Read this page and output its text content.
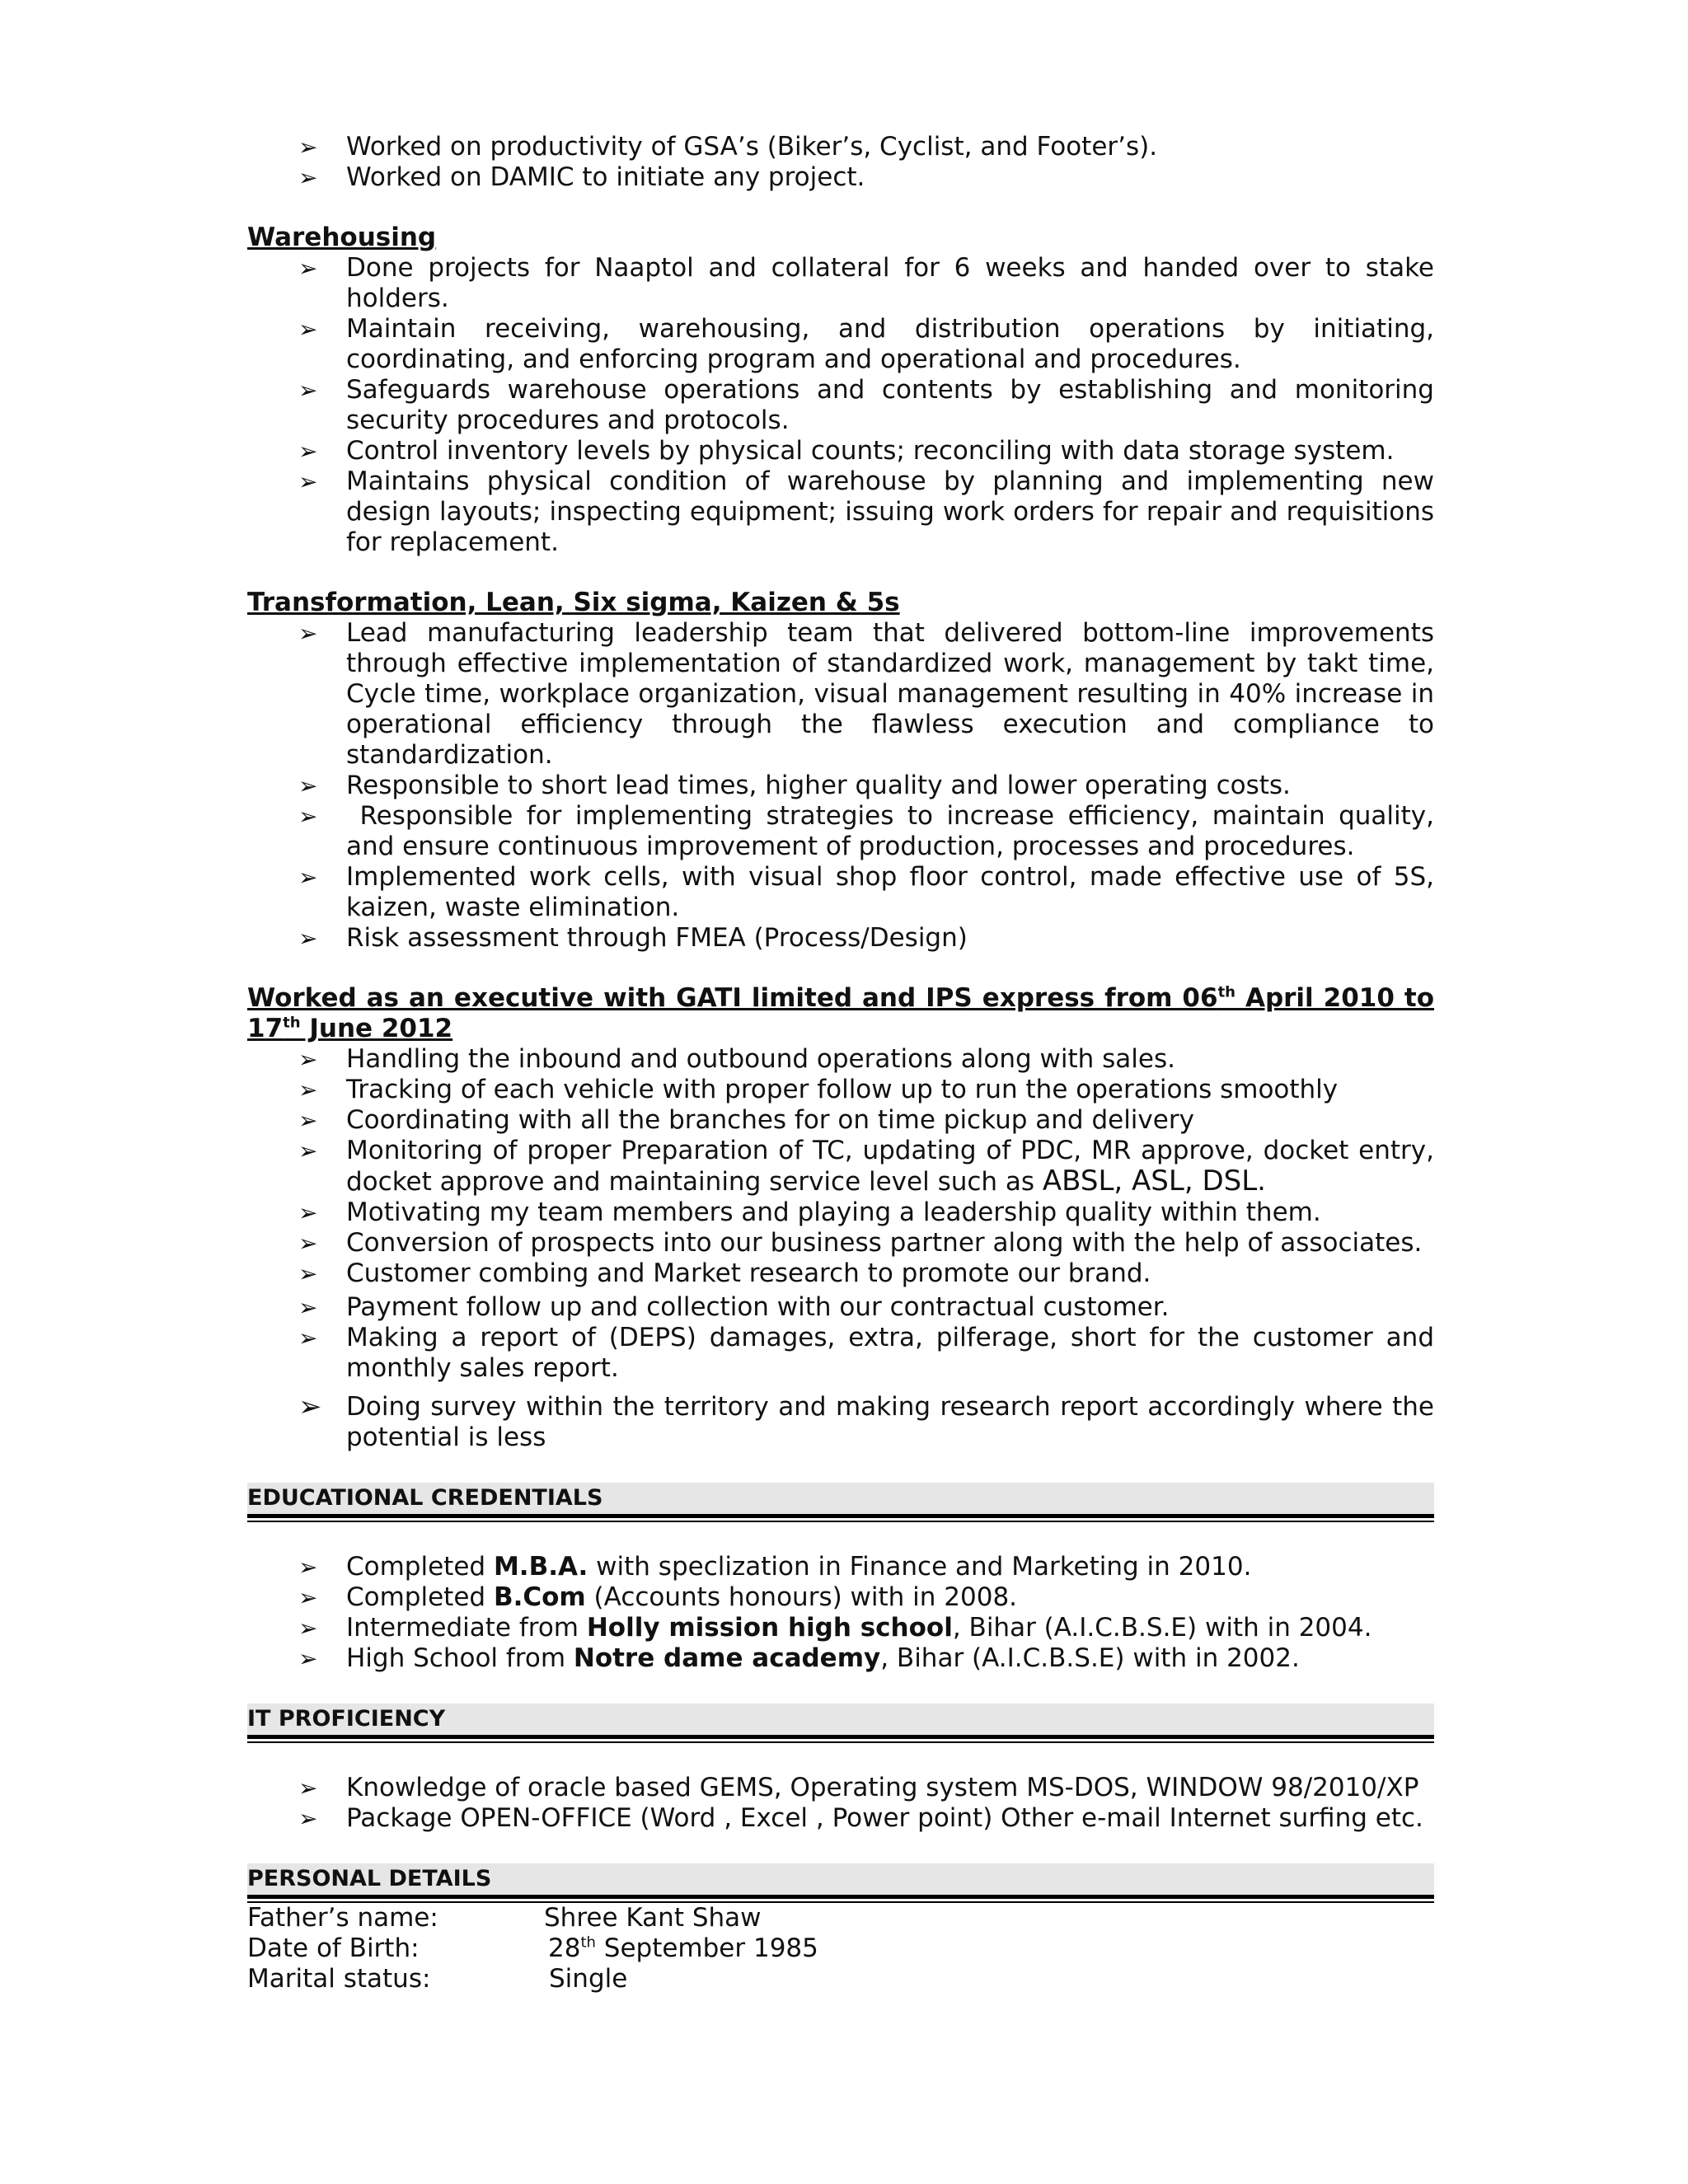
➢ Worked on productivity of GSA’s (Biker’s, Cyclist, and Footer’s).
➢ Worked on DAMIC to initiate any project.
Warehousing
➢ Done projects for Naaptol and collateral for 6 weeks and handed over to stake holders.
➢ Maintain receiving, warehousing, and distribution operations by initiating, coordinating, and enforcing program and operational and procedures.
➢ Safeguards warehouse operations and contents by establishing and monitoring security procedures and protocols.
➢ Control inventory levels by physical counts; reconciling with data storage system.
➢ Maintains physical condition of warehouse by planning and implementing new design layouts; inspecting equipment; issuing work orders for repair and requisitions for replacement.
Transformation, Lean, Six sigma, Kaizen & 5s
➢ Lead manufacturing leadership team that delivered bottom-line improvements through effective implementation of standardized work, management by takt time, Cycle time, workplace organization, visual management resulting in 40% increase in operational efficiency through the flawless execution and compliance to standardization.
➢ Responsible to short lead times, higher quality and lower operating costs.
➢ Responsible for implementing strategies to increase efficiency, maintain quality, and ensure continuous improvement of production, processes and procedures.
➢ Implemented work cells, with visual shop floor control, made effective use of 5S, kaizen, waste elimination.
➢ Risk assessment through FMEA (Process/Design)
Worked as an executive with GATI limited and IPS express from 06th April 2010 to
17th June 2012
➢ Handling the inbound and outbound operations along with sales.
➢ Tracking of each vehicle with proper follow up to run the operations smoothly
➢ Coordinating with all the branches for on time pickup and delivery
➢ Monitoring of proper Preparation of TC, updating of PDC, MR approve, docket entry, docket approve and maintaining service level such as ABSL, ASL, DSL.
➢ Motivating my team members and playing a leadership quality within them.
➢ Conversion of prospects into our business partner along with the help of associates.
➢ Customer combing and Market research to promote our brand.
➢ Payment follow up and collection with our contractual customer.
➢ Making a report of (DEPS) damages, extra, pilferage, short for the customer and monthly sales report.
➢ Doing survey within the territory and making research report accordingly where the potential is less
EDUCATIONAL CREDENTIALS
➢ Completed M.B.A. with speclization in Finance and Marketing in 2010.
➢ Completed B.Com (Accounts honours) with in 2008.
➢ Intermediate from Holly mission high school, Bihar (A.I.C.B.S.E) with in 2004.
➢ High School from Notre dame academy, Bihar (A.I.C.B.S.E) with in 2002.
IT PROFICIENCY
➢ Knowledge of oracle based GEMS, Operating system MS-DOS, WINDOW 98/2010/XP
➢ Package OPEN-OFFICE (Word , Excel , Power point) Other e-mail Internet surfing etc.
PERSONAL DETAILS
Father’s name:	Shree Kant Shaw
Date of Birth:	28th September 1985
Marital status:	Single
